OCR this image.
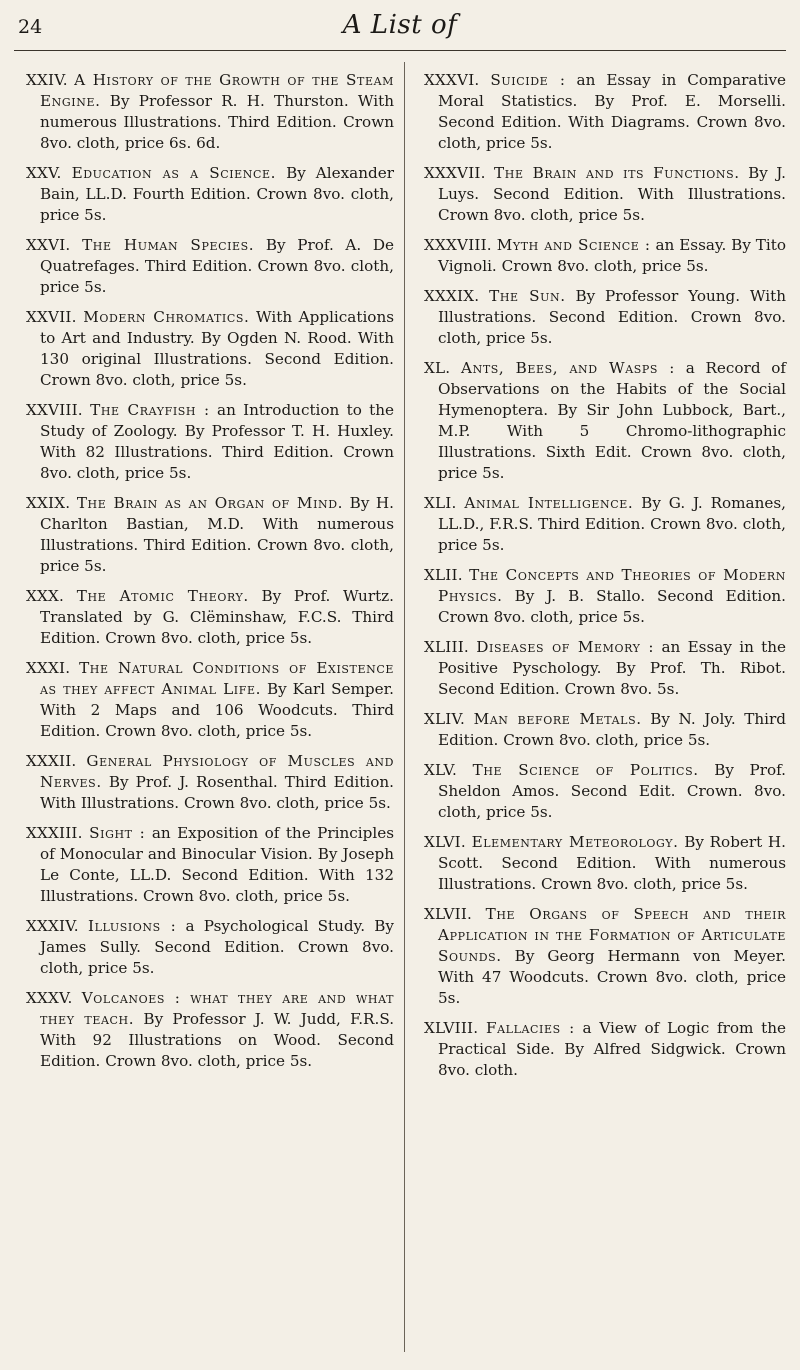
24	A List of

XXIV. A History of the Growth of the Steam Engine. By Professor R. H. Thurston. With numerous Illustrations. Third Edition. Crown 8vo. cloth, price 6s. 6d.

XXV. Education as a Science. By Alexander Bain, LL.D. Fourth Edition. Crown 8vo. cloth, price 5s.

XXVI. The Human Species. By Prof. A. De Quatrefages. Third Edition. Crown 8vo. cloth, price 5s.

XXVII. Modern Chromatics. With Applications to Art and Industry. By Ogden N. Rood. With 130 original Illustrations. Second Edition. Crown 8vo. cloth, price 5s.

XXVIII. The Crayfish : an Introduction to the Study of Zoology. By Professor T. H. Huxley. With 82 Illustrations. Third Edition. Crown 8vo. cloth, price 5s.

XXIX. The Brain as an Organ of Mind. By H. Charlton Bastian, M.D. With numerous Illustrations. Third Edition. Crown 8vo. cloth, price 5s.

XXX. The Atomic Theory. By Prof. Wurtz. Translated by G. Clëminshaw, F.C.S. Third Edition. Crown 8vo. cloth, price 5s.

XXXI. The Natural Conditions of Existence as they affect Animal Life. By Karl Semper. With 2 Maps and 106 Woodcuts. Third Edition. Crown 8vo. cloth, price 5s.

XXXII. General Physiology of Muscles and Nerves. By Prof. J. Rosenthal. Third Edition. With Illustrations. Crown 8vo. cloth, price 5s.

XXXIII. Sight : an Exposition of the Principles of Monocular and Binocular Vision. By Joseph Le Conte, LL.D. Second Edition. With 132 Illustrations. Crown 8vo. cloth, price 5s.

XXXIV. Illusions : a Psychological Study. By James Sully. Second Edition. Crown 8vo. cloth, price 5s.

XXXV. Volcanoes : what they are and what they teach. By Professor J. W. Judd, F.R.S. With 92 Illustrations on Wood. Second Edition. Crown 8vo. cloth, price 5s.

XXXVI. Suicide : an Essay in Comparative Moral Statistics. By Prof. E. Morselli. Second Edition. With Diagrams. Crown 8vo. cloth, price 5s.

XXXVII. The Brain and its Functions. By J. Luys. Second Edition. With Illustrations. Crown 8vo. cloth, price 5s.

XXXVIII. Myth and Science : an Essay. By Tito Vignoli. Crown 8vo. cloth, price 5s.

XXXIX. The Sun. By Professor Young. With Illustrations. Second Edition. Crown 8vo. cloth, price 5s.

XL. Ants, Bees, and Wasps : a Record of Observations on the Habits of the Social Hymenoptera. By Sir John Lubbock, Bart., M.P. With 5 Chromo-lithographic Illustrations. Sixth Edit. Crown 8vo. cloth, price 5s.

XLI. Animal Intelligence. By G. J. Romanes, LL.D., F.R.S. Third Edition. Crown 8vo. cloth, price 5s.

XLII. The Concepts and Theories of Modern Physics. By J. B. Stallo. Second Edition. Crown 8vo. cloth, price 5s.

XLIII. Diseases of Memory : an Essay in the Positive Pyschology. By Prof. Th. Ribot. Second Edition. Crown 8vo. 5s.

XLIV. Man before Metals. By N. Joly. Third Edition. Crown 8vo. cloth, price 5s.

XLV. The Science of Politics. By Prof. Sheldon Amos. Second Edit. Crown. 8vo. cloth, price 5s.

XLVI. Elementary Meteorology. By Robert H. Scott. Second Edition. With numerous Illustrations. Crown 8vo. cloth, price 5s.

XLVII. The Organs of Speech and their Application in the Formation of Articulate Sounds. By Georg Hermann von Meyer. With 47 Woodcuts. Crown 8vo. cloth, price 5s.

XLVIII. Fallacies : a View of Logic from the Practical Side. By Alfred Sidgwick. Crown 8vo. cloth.
